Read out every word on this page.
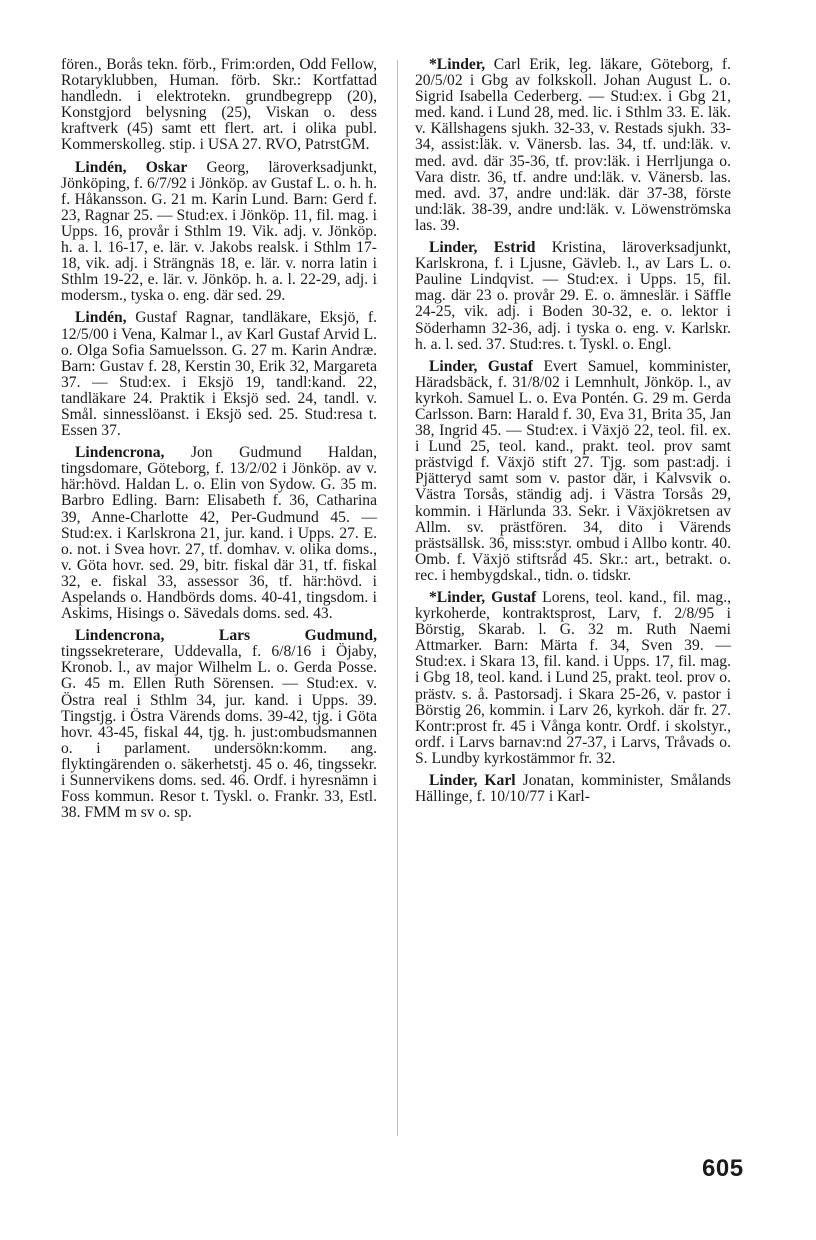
fören., Borås tekn. förb., Frim:orden, Odd Fellow, Rotaryklubben, Human. förb. Skr.: Kortfattad handledn. i elektrotekn. grundbegrepp (20), Konstgjord belysning (25), Viskan o. dess kraftverk (45) samt ett flert. art. i olika publ. Kommerskolleg. stip. i USA 27. RVO, PatrstGM.

Lindén, Oskar Georg, läroverksadjunkt, Jönköping, f. 6/7/92 i Jönköp. av Gustaf L. o. h. h. f. Håkansson. G. 21 m. Karin Lund. Barn: Gerd f. 23, Ragnar 25. — Stud:ex. i Jönköp. 11, fil. mag. i Upps. 16, provår i Sthlm 19. Vik. adj. v. Jönköp. h. a. l. 16-17, e. lär. v. Jakobs realsk. i Sthlm 17-18, vik. adj. i Strängnäs 18, e. lär. v. norra latin i Sthlm 19-22, e. lär. v. Jönköp. h. a. l. 22-29, adj. i modersm., tyska o. eng. där sed. 29.

Lindén, Gustaf Ragnar, tandläkare, Eksjö, f. 12/5/00 i Vena, Kalmar l., av Karl Gustaf Arvid L. o. Olga Sofia Samuelsson. G. 27 m. Karin Andræ. Barn: Gustav f. 28, Kerstin 30, Erik 32, Margareta 37. — Stud:ex. i Eksjö 19, tandl:kand. 22, tandläkare 24. Praktik i Eksjö sed. 24, tandl. v. Smål. sinnesslöanst. i Eksjö sed. 25. Stud:resa t. Essen 37.

Lindencrona, Jon Gudmund Haldan, tingsdomare, Göteborg, f. 13/2/02 i Jönköp. av v. här:hövd. Haldan L. o. Elin von Sydow. G. 35 m. Barbro Edling. Barn: Elisabeth f. 36, Catharina 39, Anne-Charlotte 42, Per-Gudmund 45. — Stud:ex. i Karlskrona 21, jur. kand. i Upps. 27. E. o. not. i Svea hovr. 27, tf. domhav. v. olika doms., v. Göta hovr. sed. 29, bitr. fiskal där 31, tf. fiskal 32, e. fiskal 33, assessor 36, tf. här:hövd. i Aspelands o. Handbörds doms. 40-41, tingsdom. i Askims, Hisings o. Sävedals doms. sed. 43.

Lindencrona, Lars Gudmund, tingssekreterare, Uddevalla, f. 6/8/16 i Öjaby, Kronob. l., av major Wilhelm L. o. Gerda Posse. G. 45 m. Ellen Ruth Sörensen. — Stud:ex. v. Östra real i Sthlm 34, jur. kand. i Upps. 39. Tingstjg. i Östra Värends doms. 39-42, tjg. i Göta hovr. 43-45, fiskal 44, tjg. h. just:ombudsmannen o. i parlament. undersökn:komm. ang. flyktingärenden o. säkerhetstj. 45 o. 46, tingssekr. i Sunnervikens doms. sed. 46. Ordf. i hyresnämn i Foss kommun. Resor t. Tyskl. o. Frankr. 33, Estl. 38. FMM m sv o. sp.

*Linder, Carl Erik, leg. läkare, Göteborg, f. 20/5/02 i Gbg av folkskoll. Johan August L. o. Sigrid Isabella Cederberg. — Stud:ex. i Gbg 21, med. kand. i Lund 28, med. lic. i Sthlm 33. E. läk. v. Källshagens sjukh. 32-33, v. Restads sjukh. 33-34, assist:läk. v. Vänersb. las. 34, tf. und:läk. v. med. avd. där 35-36, tf. prov:läk. i Herrljunga o. Vara distr. 36, tf. andre und:läk. v. Vänersb. las. med. avd. 37, andre und:läk. där 37-38, förste und:läk. 38-39, andre und:läk. v. Löwenströmska las. 39.

Linder, Estrid Kristina, läroverksadjunkt, Karlskrona, f. i Ljusne, Gävleb. l., av Lars L. o. Pauline Lindqvist. — Stud:ex. i Upps. 15, fil. mag. där 23 o. provår 29. E. o. ämneslär. i Säffle 24-25, vik. adj. i Boden 30-32, e. o. lektor i Söderhamn 32-36, adj. i tyska o. eng. v. Karlskr. h. a. l. sed. 37. Stud:res. t. Tyskl. o. Engl.

Linder, Gustaf Evert Samuel, komminister, Häradsbäck, f. 31/8/02 i Lemnhult, Jönköp. l., av kyrkoh. Samuel L. o. Eva Pontén. G. 29 m. Gerda Carlsson. Barn: Harald f. 30, Eva 31, Brita 35, Jan 38, Ingrid 45. — Stud:ex. i Växjö 22, teol. fil. ex. i Lund 25, teol. kand., prakt. teol. prov samt prästvigd f. Växjö stift 27. Tjg. som past:adj. i Pjätteryd samt som v. pastor där, i Kalvsvik o. Västra Torsås, ständig adj. i Västra Torsås 29, kommin. i Härlunda 33. Sekr. i Växjökretsen av Allm. sv. prästfören. 34, dito i Värends prästsällsk. 36, miss:styr. ombud i Allbo kontr. 40. Omb. f. Växjö stiftsråd 45. Skr.: art., betrakt. o. rec. i hembygdskal., tidn. o. tidskr.

*Linder, Gustaf Lorens, teol. kand., fil. mag., kyrkoherde, kontraktsprost, Larv, f. 2/8/95 i Börstig, Skarab. l. G. 32 m. Ruth Naemi Attmarker. Barn: Märta f. 34, Sven 39. — Stud:ex. i Skara 13, fil. kand. i Upps. 17, fil. mag. i Gbg 18, teol. kand. i Lund 25, prakt. teol. prov o. prästv. s. å. Pastorsadj. i Skara 25-26, v. pastor i Börstig 26, kommin. i Larv 26, kyrkoh. där fr. 27. Kontr:prost fr. 45 i Vånga kontr. Ordf. i skolstyr., ordf. i Larvs barnav:nd 27-37, i Larvs, Tråvads o. S. Lundby kyrkostämmor fr. 32.

Linder, Karl Jonatan, komminister, Smålands Hällinge, f. 10/10/77 i Karl-

605
